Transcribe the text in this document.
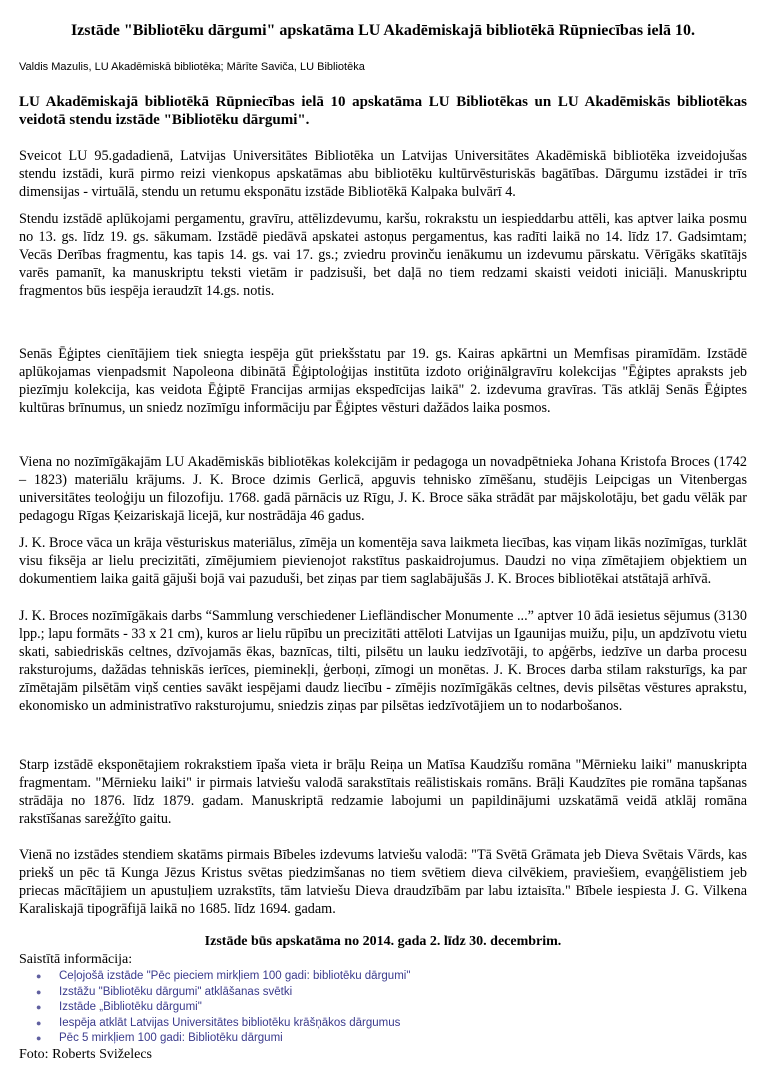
Izstāde "Bibliotēku dārgumi" apskatāma LU Akadēmiskajā bibliotēkā Rūpniecības ielā 10.
Valdis Mazulis, LU Akadēmiskā bibliotēka; Mārīte Saviča, LU Bibliotēka

LU Akadēmiskajā bibliotēkā Rūpniecības ielā 10 apskatāma LU Bibliotēkas un LU Akadēmiskās bibliotēkas veidotā stendu izstāde "Bibliotēku dārgumi".

Sveicot LU 95.gadadienā, Latvijas Universitātes Bibliotēka un Latvijas Universitātes Akadēmiskā bibliotēka izveidojušas stendu izstādi, kurā pirmo reizi vienkopus apskatāmas abu bibliotēku kultūrvēsturiskās bagātības. Dārgumu izstādei ir trīs dimensijas - virtuālā, stendu un retumu eksponātu izstāde Bibliotēkā Kalpaka bulvārī 4.

Stendu izstādē aplūkojami pergamentu, gravīru, attēlizdevumu, karšu, rokrakstu un iespieddarbu attēli, kas aptver laika posmu no 13. gs. līdz 19. gs. sākumam. Izstādē piedāvā apskatei astoņus pergamentus, kas radīti laikā no 14. līdz 17. Gadsimtam; Vecās Derības fragmentu, kas tapis 14. gs. vai 17. gs.; zviedru provinču ienākumu un izdevumu pārskatu. Vērīgāks skatītājs varēs pamanīt, ka manuskriptu teksti vietām ir padzisuši, bet daļā no tiem redzami skaisti veidoti iniciāļi. Manuskriptu fragmentos būs iespēja ieraudzīt 14.gs. notis.

Senās Ēģiptes cienītājiem tiek sniegta iespēja gūt priekšstatu par 19. gs. Kairas apkārtni un Memfisas piramīdām. Izstādē aplūkojamas vienpadsmit Napoleona dibinātā Ēģiptoloģijas institūta izdoto oriģinālgravīru kolekcijas "Ēģiptes apraksts jeb piezīmju kolekcija, kas veidota Ēģiptē Francijas armijas ekspedīcijas laikā" 2. izdevuma gravīras. Tās atklāj Senās Ēģiptes kultūras brīnumus, un sniedz nozīmīgu informāciju par Ēģiptes vēsturi dažādos laika posmos.

Viena no nozīmīgākajām LU Akadēmiskās bibliotēkas kolekcijām ir pedagoga un novadpētnieka Johana Kristofa Broces (1742 – 1823) materiālu krājums. J. K. Broce dzimis Gerlicā, apguvis tehnisko zīmēšanu, studējis Leipcigas un Vitenbergas universitātes teoloģiju un filozofiju. 1768. gadā pārnācis uz Rīgu, J. K. Broce sāka strādāt par mājskolotāju, bet gadu vēlāk par pedagogu Rīgas Ķeizariskajā licejā, kur nostrādāja 46 gadus.

J. K. Broce vāca un krāja vēsturiskus materiālus, zīmēja un komentēja sava laikmeta liecības, kas viņam likās nozīmīgas, turklāt visu fiksēja ar lielu precizitāti, zīmējumiem pievienojot rakstītus paskaidrojumus. Daudzi no viņa zīmētajiem objektiem un dokumentiem laika gaitā gājuši bojā vai pazuduši, bet ziņas par tiem saglabājušās J. K. Broces bibliotēkai atstātajā arhīvā.

J. K. Broces nozīmīgākais darbs “Sammlung verschiedener Liefländischer Monumente ...” aptver 10 ādā iesietus sējumus (3130 lpp.; lapu formāts - 33 x 21 cm), kuros ar lielu rūpību un precizitāti attēloti Latvijas un Igaunijas muižu, piļu, un apdzīvotu vietu skati, sabiedriskās celtnes, dzīvojamās ēkas, baznīcas, tilti, pilsētu un lauku iedzīvotāji, to apģērbs, iedzīve un darba procesu raksturojums, dažādas tehniskās ierīces, pieminekļi, ģerboņi, zīmogi un monētas. J. K. Broces darba stilam raksturīgs, ka par zīmētajām pilsētām viņš centies savākt iespējami daudz liecību - zīmējis nozīmīgākās celtnes, devis pilsētas vēstures aprakstu, ekonomisko un administratīvo raksturojumu, sniedzis ziņas par pilsētas iedzīvotājiem un to nodarbošanos.

Starp izstādē eksponētajiem rokrakstiem īpaša vieta ir brāļu Reiņa un Matīsa Kaudzīšu romāna "Mērnieku laiki" manuskripta fragmentam. "Mērnieku laiki" ir pirmais latviešu valodā sarakstītais reālistiskais romāns. Brāļi Kaudzītes pie romāna tapšanas strādāja no 1876. līdz 1879. gadam. Manuskriptā redzamie labojumi un papildinājumi uzskatāmā veidā atklāj romāna rakstīšanas sarežģīto gaitu.

Vienā no izstādes stendiem skatāms pirmais Bībeles izdevums latviešu valodā: "Tā Svētā Grāmata jeb Dieva Svētais Vārds, kas priekš un pēc tā Kunga Jēzus Kristus svētas piedzimšanas no tiem svētiem dieva cilvēkiem, praviešiem, evaņģēlistiem jeb priecas mācītājiem un apustuļiem uzrakstīts, tām latviešu Dieva draudzībām par labu iztaisīta." Bībele iespiesta J. G. Vilkena Karaliskajā tipogrāfijā laikā no 1685. līdz 1694. gadam.

Izstāde būs apskatāma no 2014. gada 2. līdz 30. decembrim.

Saistītā informācija:

● Ceļojošā izstāde "Pēc pieciem mirkļiem 100 gadi: bibliotēku dārgumi"
● Izstāžu "Bibliotēku dārgumi" atklāšanas svētki
● Izstāde „Bibliotēku dārgumi"
● Iespēja atklāt Latvijas Universitātes bibliotēku krāšņākos dārgumus
● Pēc 5 mirkļiem 100 gadi: Bibliotēku dārgumi

Foto: Roberts Sviželecs
